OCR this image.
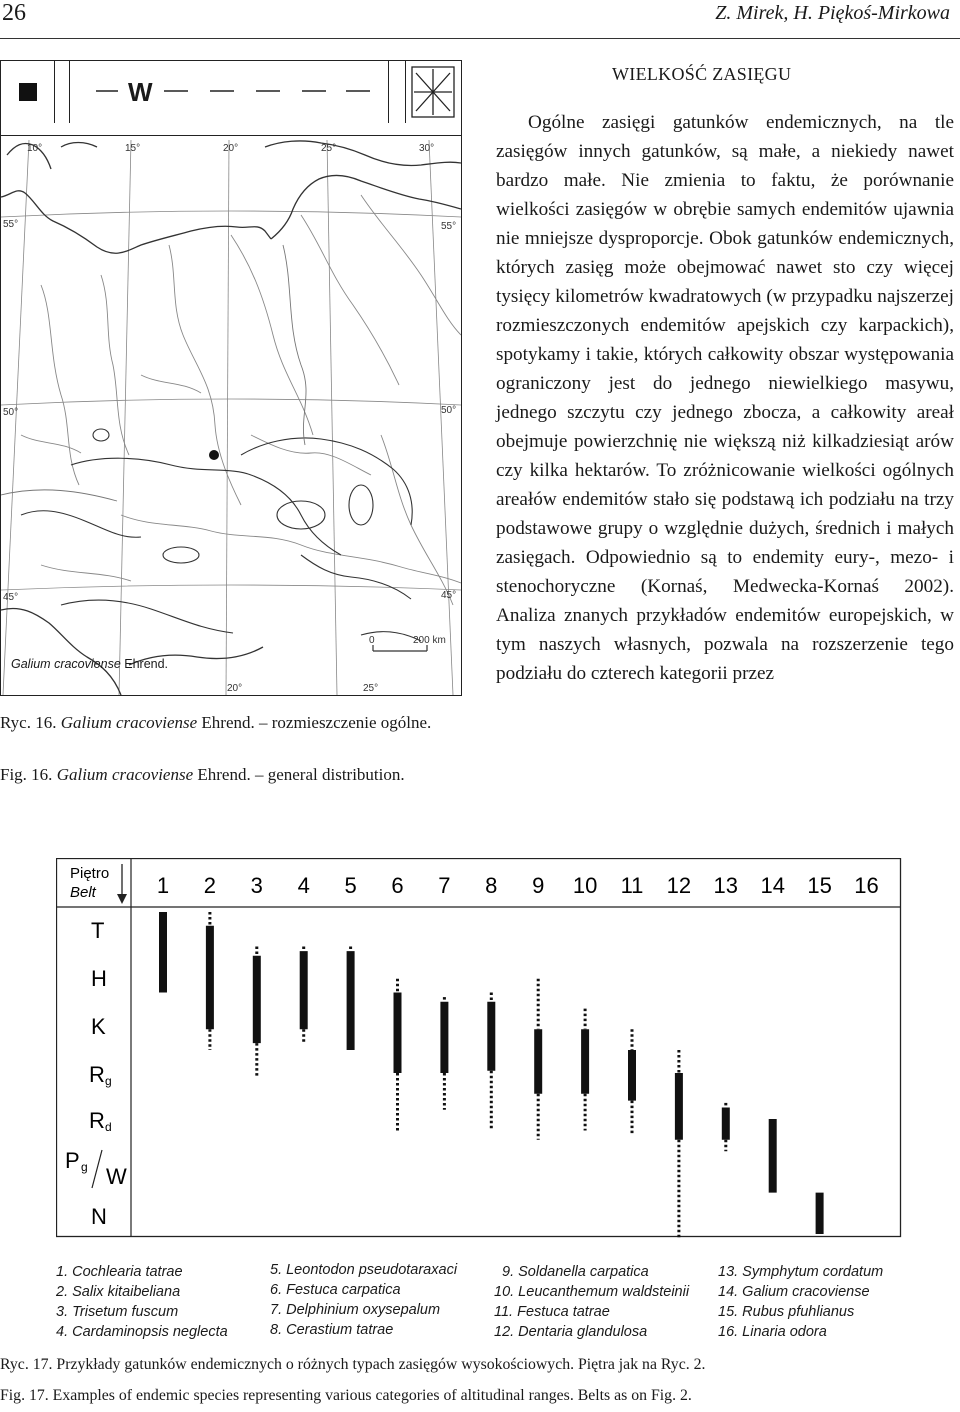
26	Z. Mirek, H. Piękoś-Mirkowa
W
10°	15°	20°	25°	30°
55°
50°
45°
55°
50°
45°
20°	25°
0	200 km
Galium cracoviense Ehrend.
Ryc. 16. Galium cracoviense Ehrend. – rozmieszczenie ogólne.
Fig. 16. Galium cracoviense Ehrend. – general distribution.
WIELKOŚĆ ZASIĘGU

Ogólne zasięgi gatunków endemicznych, na tle zasięgów innych gatunków, są małe, a niekiedy nawet bardzo małe. Nie zmienia to faktu, że porównanie wielkości zasięgów w obrębie samych endemitów ujawnia nie mniejsze dysproporcje. Obok gatunków endemicznych, których zasięg może obejmować nawet sto czy więcej tysięcy kilometrów kwadratowych (w przypadku najszerzej rozmieszczonych endemitów apejskich czy karpackich), spotykamy i takie, których całkowity obszar występowania ograniczony jest do jednego niewielkiego masywu, jednego szczytu czy jednego zbocza, a całkowity areał obejmuje powierzchnię nie większą niż kilkadziesiąt arów czy kilka hektarów. To zróżnicowanie wielkości ogólnych areałów endemitów stało się podstawą ich podziału na trzy podstawowe grupy o względnie dużych, średnich i małych zasięgach. Odpowiednio są to endemity eury-, mezo- i stenochoryczne (Kornaś, Medwecka-Kornaś 2002). Analiza znanych przykładów endemitów europejskich, w tym naszych własnych, pozwala na rozszerzenie tego podziału do czterech kategorii przez

Piętro
Belt	1 2 3 4 5 6 7 8 9 10 11 12 13 14 15 16
T
H
K
R g
R d
P g W
N
1. Cochlearia tatrae
2. Salix kitaibeliana
3. Trisetum fuscum
4. Cardaminopsis neglecta
5. Leontodon pseudotaraxaci
6. Festuca carpatica
7. Delphinium oxysepalum
8. Cerastium tatrae
9. Soldanella carpatica
10. Leucanthemum waldsteinii
11. Festuca tatrae
12. Dentaria glandulosa
13. Symphytum cordatum
14. Galium cracoviense
15. Rubus pfuhlianus
16. Linaria odora
Ryc. 17. Przykłady gatunków endemicznych o różnych typach zasięgów wysokościowych. Piętra jak na Ryc. 2.
Fig. 17. Examples of endemic species representing various categories of altitudinal ranges. Belts as on Fig. 2.
